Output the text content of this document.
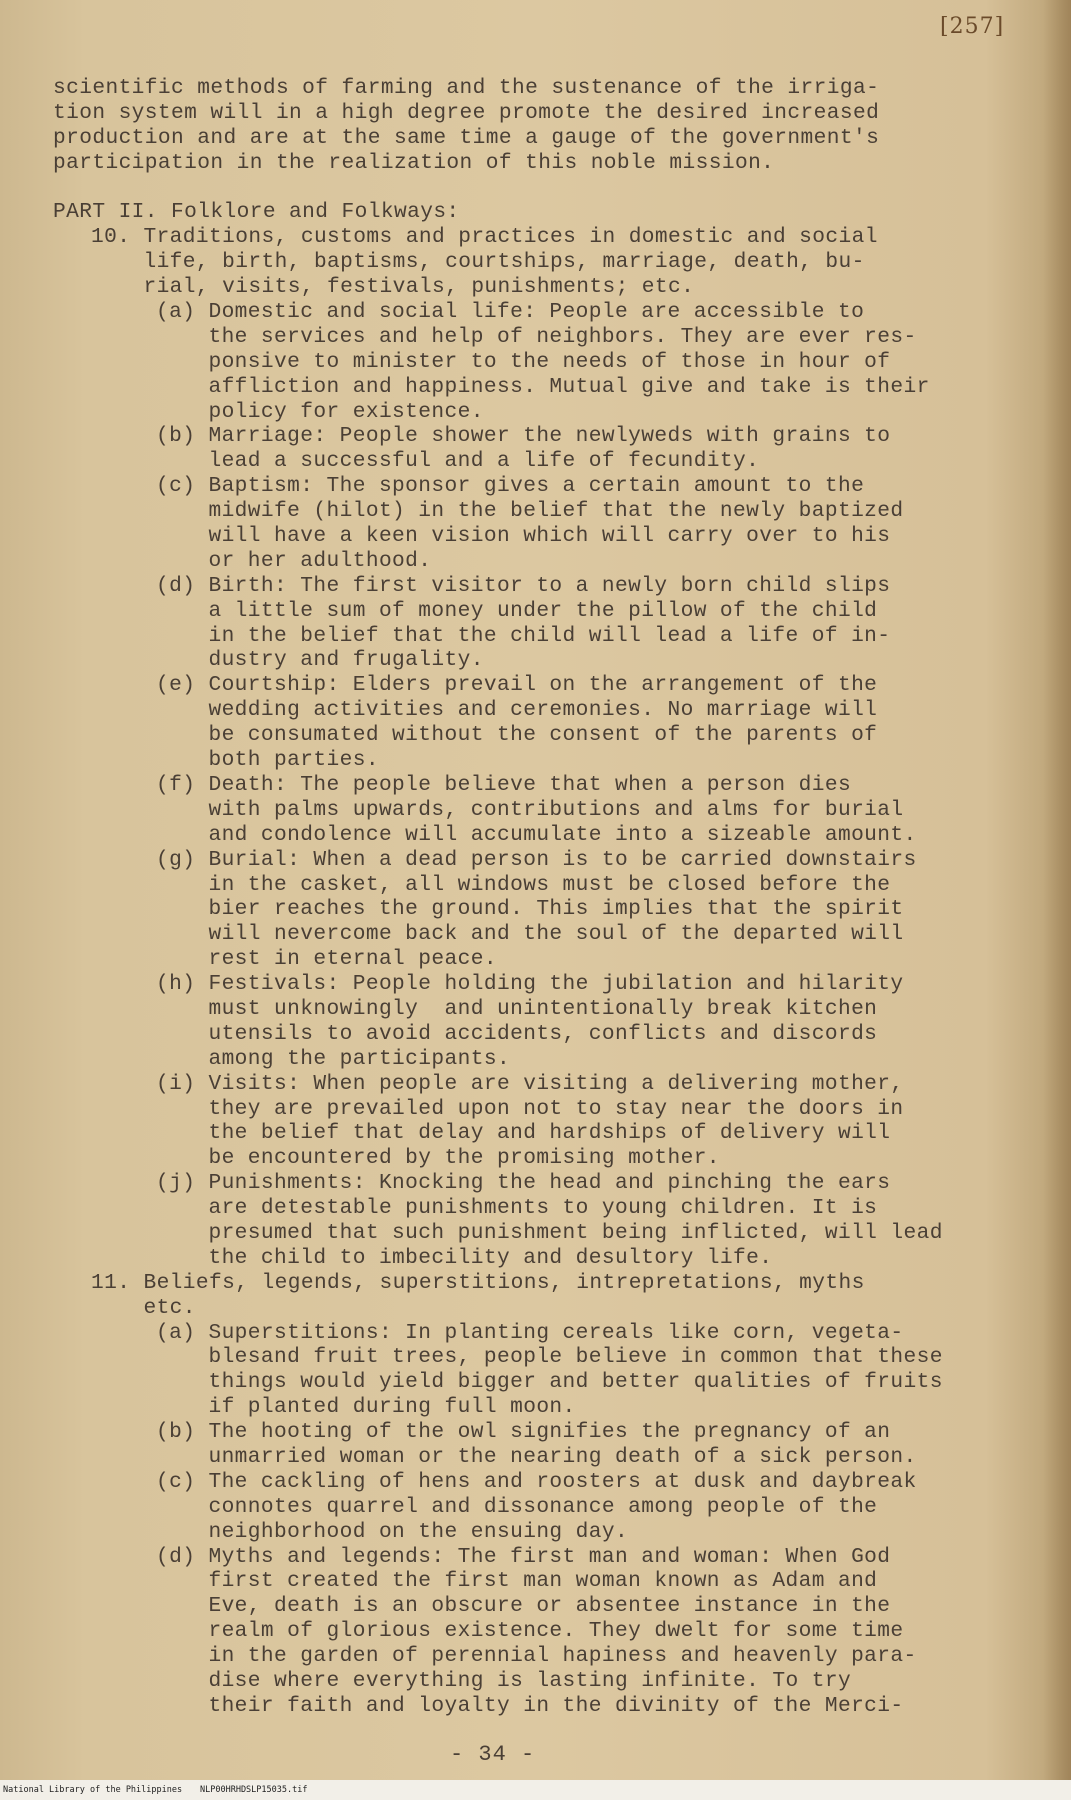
[257]
scientific methods of farming and the sustenance of the irriga-
tion system will in a high degree promote the desired increased
production and are at the same time a gauge of the government's
participation in the realization of this noble mission.
PART II. Folklore and Folkways:
10. Traditions, customs and practices in domestic and social
life, birth, baptisms, courtships, marriage, death, bu-
rial, visits, festivals, punishments; etc.
(a) Domestic and social life: People are accessible to
the services and help of neighbors. They are ever res-
ponsive to minister to the needs of those in hour of
affliction and happiness. Mutual give and take is their
policy for existence.
(b) Marriage: People shower the newlyweds with grains to
lead a successful and a life of fecundity.
(c) Baptism: The sponsor gives a certain amount to the
midwife (hilot) in the belief that the newly baptized
will have a keen vision which will carry over to his
or her adulthood.
(d) Birth: The first visitor to a newly born child slips
a little sum of money under the pillow of the child
in the belief that the child will lead a life of in-
dustry and frugality.
(e) Courtship: Elders prevail on the arrangement of the
wedding activities and ceremonies. No marriage will
be consumated without the consent of the parents of
both parties.
(f) Death: The people believe that when a person dies
with palms upwards, contributions and alms for burial
and condolence will accumulate into a sizeable amount.
(g) Burial: When a dead person is to be carried downstairs
in the casket, all windows must be closed before the
bier reaches the ground. This implies that the spirit
will nevercome back and the soul of the departed will
rest in eternal peace.
(h) Festivals: People holding the jubilation and hilarity
must unknowingly  and unintentionally break kitchen
utensils to avoid accidents, conflicts and discords
among the participants.
(i) Visits: When people are visiting a delivering mother,
they are prevailed upon not to stay near the doors in
the belief that delay and hardships of delivery will
be encountered by the promising mother.
(j) Punishments: Knocking the head and pinching the ears
are detestable punishments to young children. It is
presumed that such punishment being inflicted, will lead
the child to imbecility and desultory life.
11. Beliefs, legends, superstitions, intrepretations, myths
etc.
(a) Superstitions: In planting cereals like corn, vegeta-
blesand fruit trees, people believe in common that these
things would yield bigger and better qualities of fruits
if planted during full moon.
(b) The hooting of the owl signifies the pregnancy of an
unmarried woman or the nearing death of a sick person.
(c) The cackling of hens and roosters at dusk and daybreak
connotes quarrel and dissonance among people of the
neighborhood on the ensuing day.
(d) Myths and legends: The first man and woman: When God
first created the first man woman known as Adam and
Eve, death is an obscure or absentee instance in the
realm of glorious existence. They dwelt for some time
in the garden of perennial hapiness and heavenly para-
dise where everything is lasting infinite. To try
their faith and loyalty in the divinity of the Merci-
- 34 -
National Library of the Philippines NLP00HRHDSLP15035.tif
